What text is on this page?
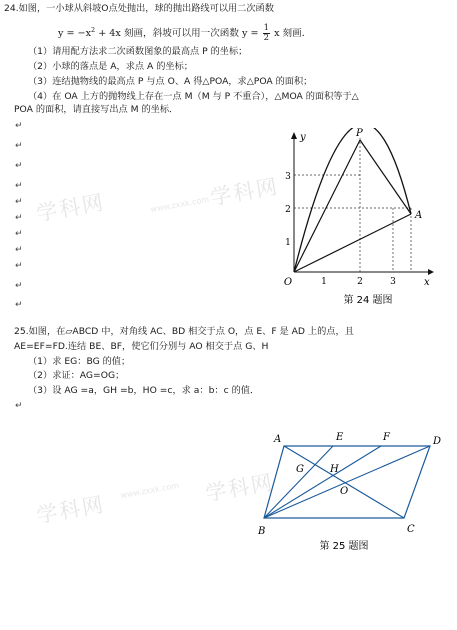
学科网
www.zxxk.com
学科网
学科网
www.zxxk.com
学科网
24.如图，一小球从斜坡O点处抛出，球的抛出路线可以用二次函数
$y = -x^2 + 4x$ 刻画，斜坡可以用一次函数 $y = \frac{1}{2}$ x 刻画．
（1）请用配方法求二次函数图象的最高点 P 的坐标；
（2）小球的落点是 A，求点 A 的坐标；
（3）连结抛物线的最高点 P 与点 O、A 得△POA，求△POA 的面积；
（4）在 OA 上方的抛物线上存在一点 M（M 与 P 不重合），△MOA 的面积等于△
POA 的面积，请直接写出点 M 的坐标．
↵
↵
↵
↵
↵
↵
↵
↵
↵
↵
↵
1	2	3
1
2
3
O	x
y	P
A
第 24 题图
25.如图，在▱ABCD 中，对角线 AC、BD 相交于点 O，点 E、F 是 AD 上的点，且
AE=EF=FD.连结 BE、BF，使它们分别与 AO 相交于点 G、H
（1）求 EG：BG 的值；
（2）求证：AG=OG；
（3）设 AG =a，GH =b，HO =c，求 a：b：c 的值．
↵
A	E	F	D
G	H
O
B	C
第 25 题图
